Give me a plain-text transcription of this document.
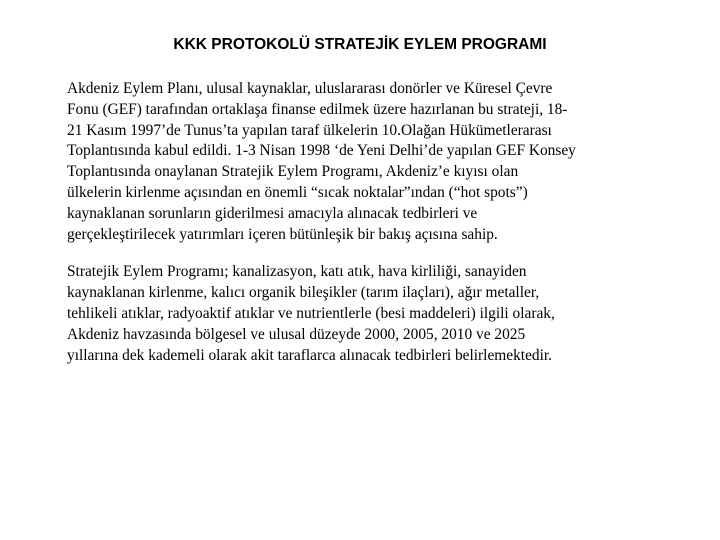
KKK PROTOKOLÜ STRATEJİK EYLEM PROGRAMI

Akdeniz Eylem Planı, ulusal kaynaklar, uluslararası donörler ve Küresel Çevre
Fonu (GEF) tarafından ortaklaşa finanse edilmek üzere hazırlanan bu strateji, 18-
21 Kasım 1997’de Tunus’ta yapılan taraf ülkelerin 10.Olağan Hükümetlerarası
Toplantısında kabul edildi. 1-3 Nisan 1998 ‘de Yeni Delhi’de yapılan GEF Konsey
Toplantısında onaylanan Stratejik Eylem Programı, Akdeniz’e kıyısı olan
ülkelerin kirlenme açısından en önemli “sıcak noktalar”ından (“hot spots”)
kaynaklanan sorunların giderilmesi amacıyla alınacak tedbirleri ve
gerçekleştirilecek yatırımları içeren bütünleşik bir bakış açısına sahip.

Stratejik Eylem Programı; kanalizasyon, katı atık, hava kirliliği, sanayiden
kaynaklanan kirlenme, kalıcı organik bileşikler (tarım ilaçları), ağır metaller,
tehlikeli atıklar, radyoaktif atıklar ve nutrientlerle (besi maddeleri) ilgili olarak,
Akdeniz havzasında bölgesel ve ulusal düzeyde 2000, 2005, 2010 ve 2025
yıllarına dek kademeli olarak akit taraflarca alınacak tedbirleri belirlemektedir.
